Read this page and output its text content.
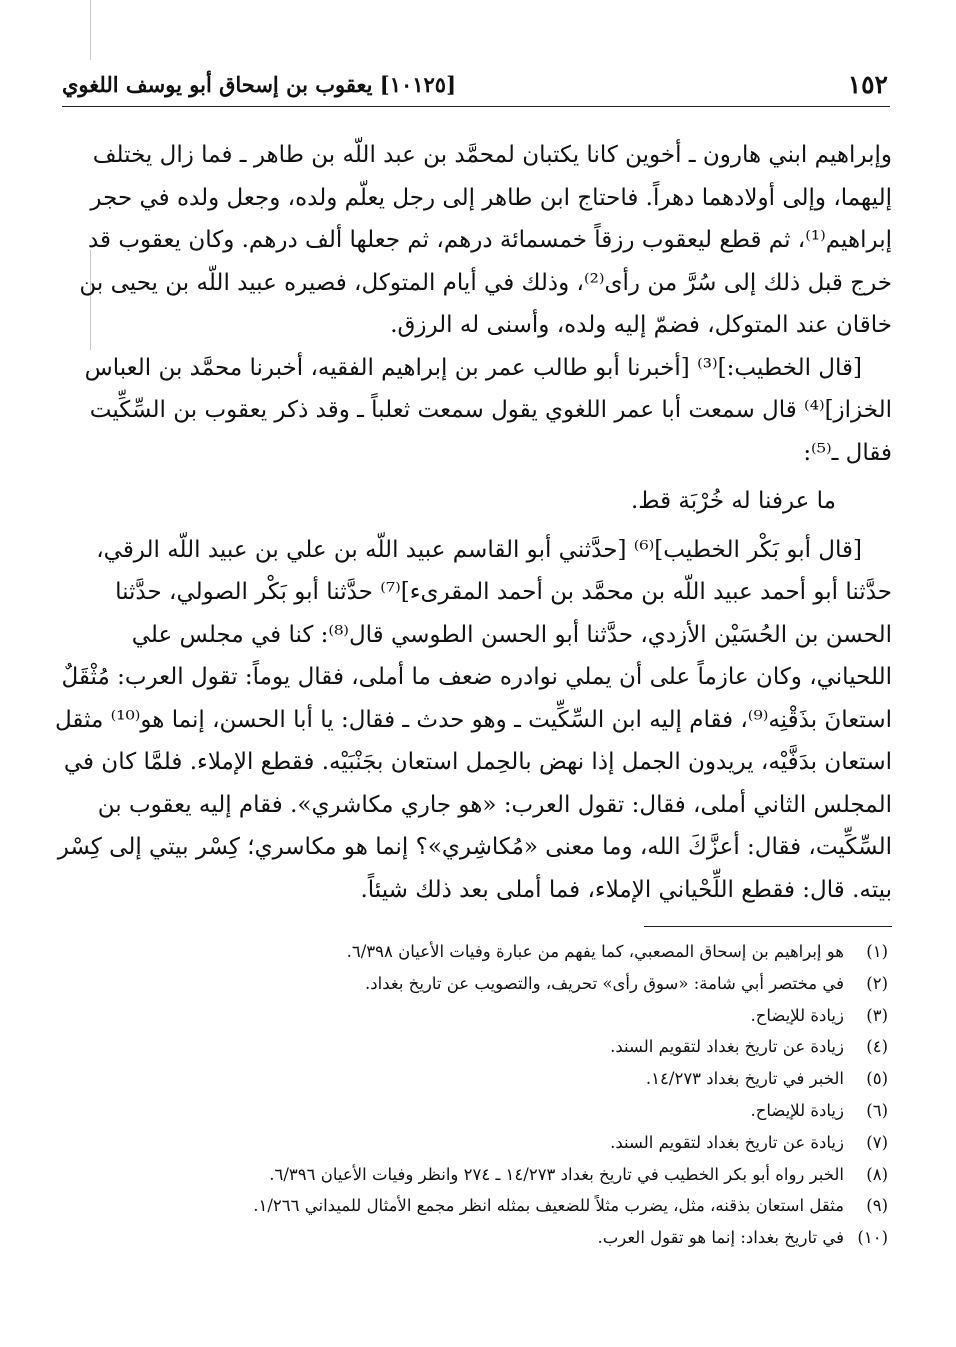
١٥٢
[١٠١٢٥] يعقوب بن إسحاق أبو يوسف اللغوي

وإبراهيم ابني هارون ـ أخوين كانا يكتبان لمحمَّد بن عبد اللّه بن طاهر ـ فما زال يختلف

إليهما، وإلى أولادهما دهراً. فاحتاج ابن طاهر إلى رجل يعلّم ولده، وجعل ولده في حجر

إبراهيم⁽¹⁾، ثم قطع ليعقوب رزقاً خمسمائة درهم، ثم جعلها ألف درهم. وكان يعقوب قد

خرج قبل ذلك إلى سُرَّ من رأى⁽²⁾، وذلك في أيام المتوكل، فصيره عبيد اللّه بن يحيى بن

خاقان عند المتوكل، فضمّ إليه ولده، وأسنى له الرزق.

[قال الخطيب:]⁽³⁾ [أخبرنا أبو طالب عمر بن إبراهيم الفقيه، أخبرنا محمَّد بن العباس

الخزاز]⁽⁴⁾ قال سمعت أبا عمر اللغوي يقول سمعت ثعلباً ـ وقد ذكر يعقوب بن السِّكِّيت

فقال ـ⁽⁵⁾:

ما عرفنا له خُرْبَة قط.

[قال أبو بَكْر الخطيب]⁽⁶⁾ [حدَّثني أبو القاسم عبيد اللّه بن علي بن عبيد اللّه الرقي،

حدَّثنا أبو أحمد عبيد اللّه بن محمَّد بن أحمد المقرىء]⁽⁷⁾ حدَّثنا أبو بَكْر الصولي، حدَّثنا

الحسن بن الحُسَيْن الأزدي، حدَّثنا أبو الحسن الطوسي قال⁽⁸⁾: كنا في مجلس علي

اللحياني، وكان عازماً على أن يملي نوادره ضعف ما أملى، فقال يوماً: تقول العرب: مُثْقَلٌ

استعانَ بذَقْنِه⁽⁹⁾، فقام إليه ابن السِّكِّيت ـ وهو حدث ـ فقال: يا أبا الحسن، إنما هو⁽¹⁰⁾ مثقل

استعان بدَفَّيْه، يريدون الجمل إذا نهض بالحِمل استعان بجَنْبَيْه. فقطع الإملاء. فلمَّا كان في

المجلس الثاني أملى، فقال: تقول العرب: «هو جاري مكاشري». فقام إليه يعقوب بن

السِّكِّيت، فقال: أعزَّكَ الله، وما معنى «مُكاشِري»؟ إنما هو مكاسري؛ كِسْر بيتي إلى كِسْر

بيته. قال: فقطع اللِّحْياني الإملاء، فما أملى بعد ذلك شيئاً.

(١)
هو إبراهيم بن إسحاق المصعبي، كما يفهم من عبارة وفيات الأعيان ٦/٣٩٨.
(٢)
في مختصر أبي شامة: «سوق رأى» تحريف، والتصويب عن تاريخ بغداد.
(٣)
زيادة للإيضاح.
(٤)
زيادة عن تاريخ بغداد لتقويم السند.
(٥)
الخبر في تاريخ بغداد ١٤/٢٧٣.
(٦)
زيادة للإيضاح.
(٧)
زيادة عن تاريخ بغداد لتقويم السند.
(٨)
الخبر رواه أبو بكر الخطيب في تاريخ بغداد ١٤/٢٧٣ ـ ٢٧٤ وانظر وفيات الأعيان ٦/٣٩٦.
(٩)
مثقل استعان بذقنه، مثل، يضرب مثلاً للضعيف بمثله انظر مجمع الأمثال للميداني ١/٢٦٦.
(١٠)
في تاريخ بغداد: إنما هو تقول العرب.
